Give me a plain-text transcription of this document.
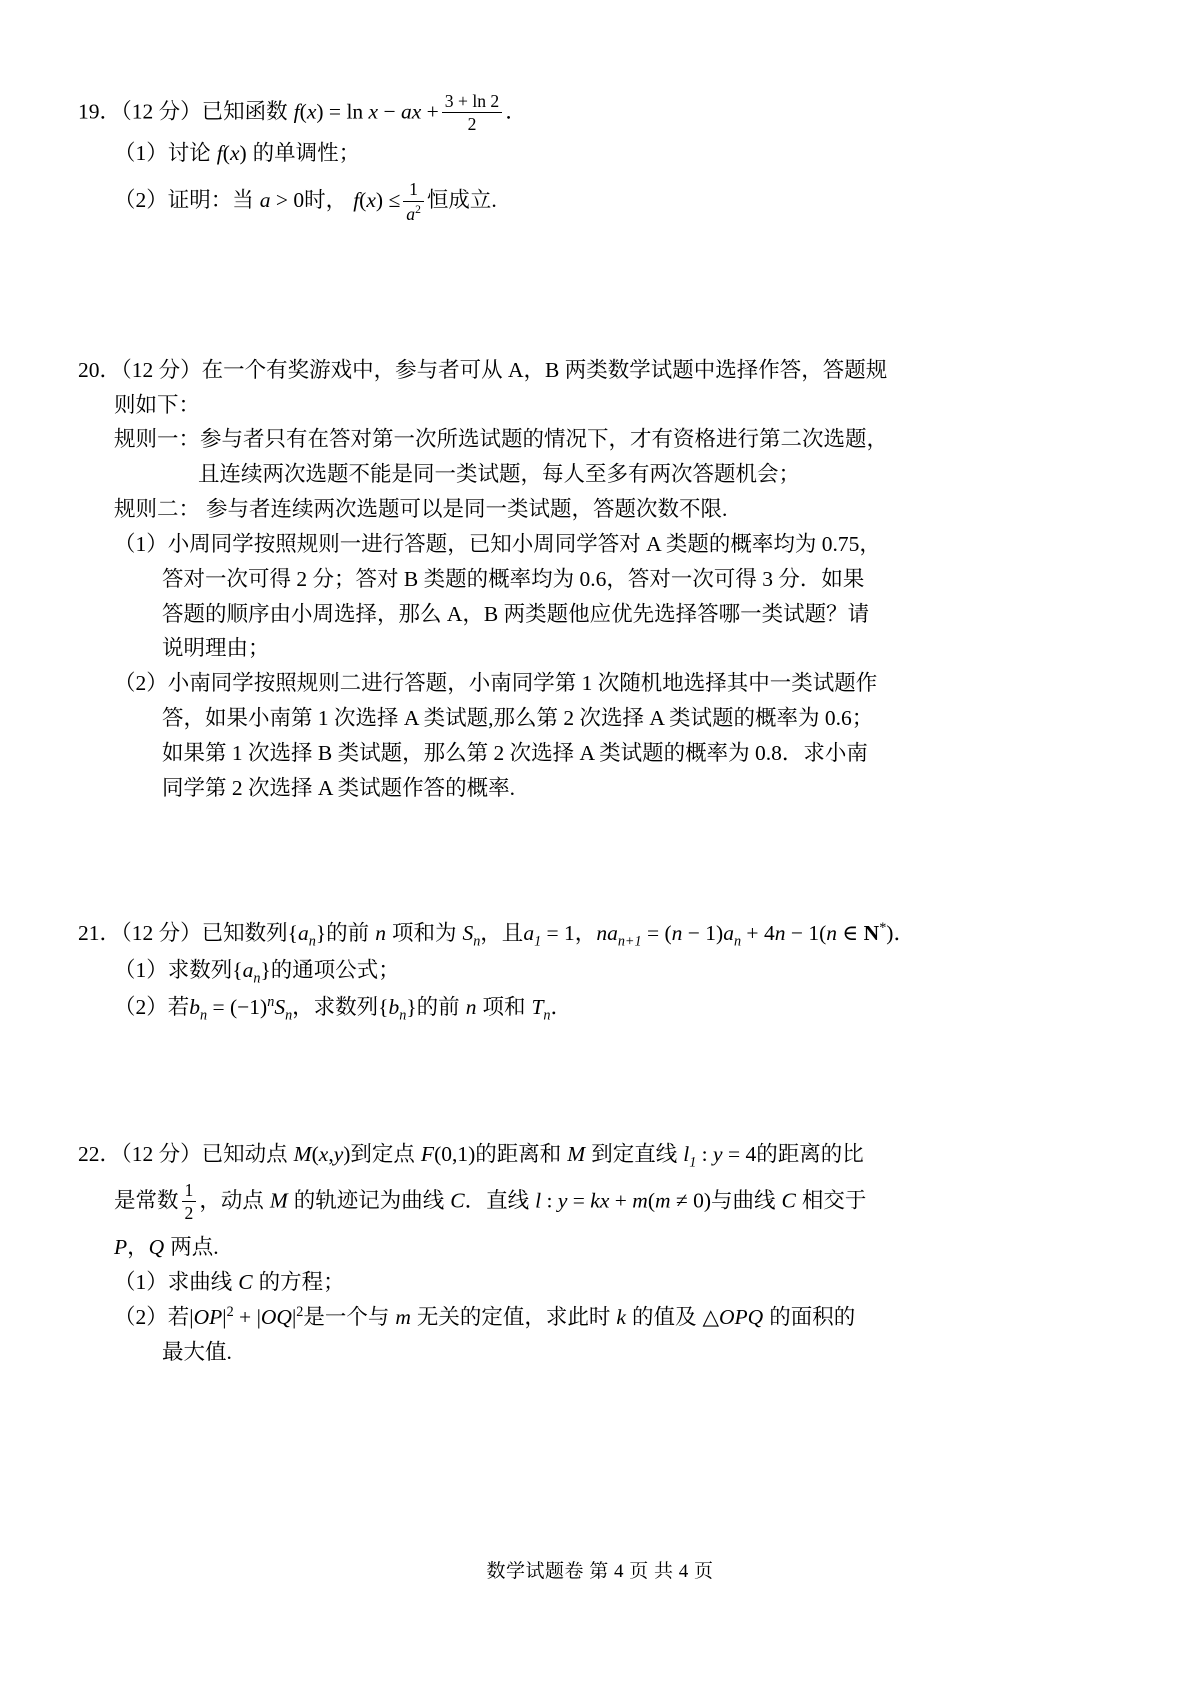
19．（12 分）已知函数 f(x) = ln x − ax + $\frac{3 + \ln 2}{2}$ ．
（1）讨论 f(x) 的单调性；
（2）证明：当 a > 0时， $f(x) \le \frac{1}{a^2}$ 恒成立.
20．（12 分）在一个有奖游戏中，参与者可从 A，B 两类数学试题中选择作答，答题规
则如下：
规则一：参与者只有在答对第一次所选试题的情况下，才有资格进行第二次选题，
且连续两次选题不能是同一类试题，每人至多有两次答题机会；
规则二： 参与者连续两次选题可以是同一类试题，答题次数不限.
（1）小周同学按照规则一进行答题，已知小周同学答对 A 类题的概率均为 0.75，
答对一次可得 2 分；答对 B 类题的概率均为 0.6，答对一次可得 3 分．如果
答题的顺序由小周选择，那么 A，B 两类题他应优先选择答哪一类试题？请
说明理由；
（2）小南同学按照规则二进行答题，小南同学第 1 次随机地选择其中一类试题作
答，如果小南第 1 次选择 A 类试题,那么第 2 次选择 A 类试题的概率为 0.6；
如果第 1 次选择 B 类试题，那么第 2 次选择 A 类试题的概率为 0.8．求小南
同学第 2 次选择 A 类试题作答的概率.
21．（12 分）已知数列$\{a_n\}$的前 n 项和为 $S_n$，且$a_1 = 1$，$na_{n+1} = (n - 1)a_n + 4n - 1(n$ ∈ N*)．
（1）求数列$\{a_n\}$的通项公式；
（2）若$b_n = (-1)^nS_n$，求数列$\{b_n\}$的前 n 项和 $T_n$．
22．（12 分）已知动点 M(x,y)到定点 F(0,1)的距离和 M 到定直线 $l_1$ : y = 4的距离的比
是常数 $\frac{1}{2}$ ，动点 M 的轨迹记为曲线 C．直线 l : y = kx + m(m ≠ 0)与曲线 C 相交于
P，Q 两点.
（1）求曲线 C 的方程；
（2）若$|OP|^2 + |OQ|^2$是一个与 m 无关的定值，求此时 k 的值及 △OPQ 的面积的
最大值.
数学试题卷 第 4 页 共 4 页
